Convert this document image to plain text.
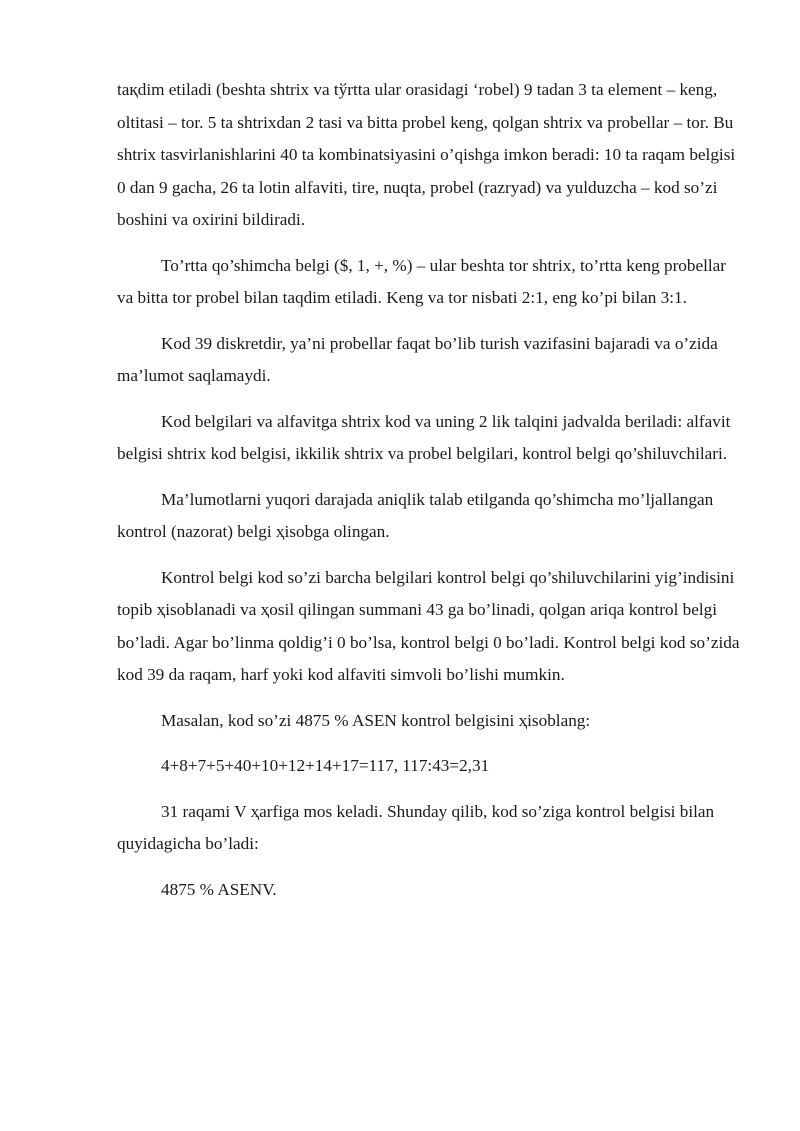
taқdim etiladi (beshta shtrix va tўrtta ular orasidagi ‘robel) 9 tadan 3 ta element – keng, oltitasi – tor. 5 ta shtrixdan 2 tasi va bitta probel keng, qolgan shtrix va probellar – tor. Bu shtrix tasvirlanishlarini 40 ta kombinatsiyasini o’qishga imkon beradi: 10 ta raqam belgisi 0 dan 9 gacha, 26 ta lotin alfaviti, tire, nuqta, probel (razryad) va yulduzcha – kod so’zi boshini va oxirini bildiradi.

To’rtta qo’shimcha belgi ($, 1, +, %) – ular beshta tor shtrix, to’rtta keng probellar va bitta tor probel bilan taqdim etiladi. Keng va tor nisbati 2:1, eng ko’pi bilan 3:1.

Kod 39 diskretdir, ya’ni probellar faqat bo’lib turish vazifasini bajaradi va o’zida ma’lumot saqlamaydi.

Kod belgilari va alfavitga shtrix kod va uning 2 lik talqini jadvalda beriladi: alfavit belgisi shtrix kod belgisi, ikkilik shtrix va probel belgilari, kontrol belgi qo’shiluvchilari.

Ma’lumotlarni yuqori darajada aniqlik talab etilganda qo’shimcha mo’ljallangan kontrol (nazorat) belgi ҳisobga olingan.

Kontrol belgi kod so’zi barcha belgilari kontrol belgi qo’shiluvchilarini yig’indisini topib ҳisoblanadi va ҳosil qilingan summani 43 ga bo’linadi, qolgan ariqa kontrol belgi bo’ladi. Agar bo’linma qoldig’i 0 bo’lsa, kontrol belgi 0 bo’ladi. Kontrol belgi kod so’zida kod 39 da raqam, harf yoki kod alfaviti simvoli bo’lishi mumkin.

Masalan, kod so’zi 4875 % ASEN kontrol belgisini ҳisoblang:

4+8+7+5+40+10+12+14+17=117, 117:43=2,31

31 raqami V ҳarfiga mos keladi. Shunday qilib, kod so’ziga kontrol belgisi bilan quyidagicha bo’ladi:

4875 % ASENV.
